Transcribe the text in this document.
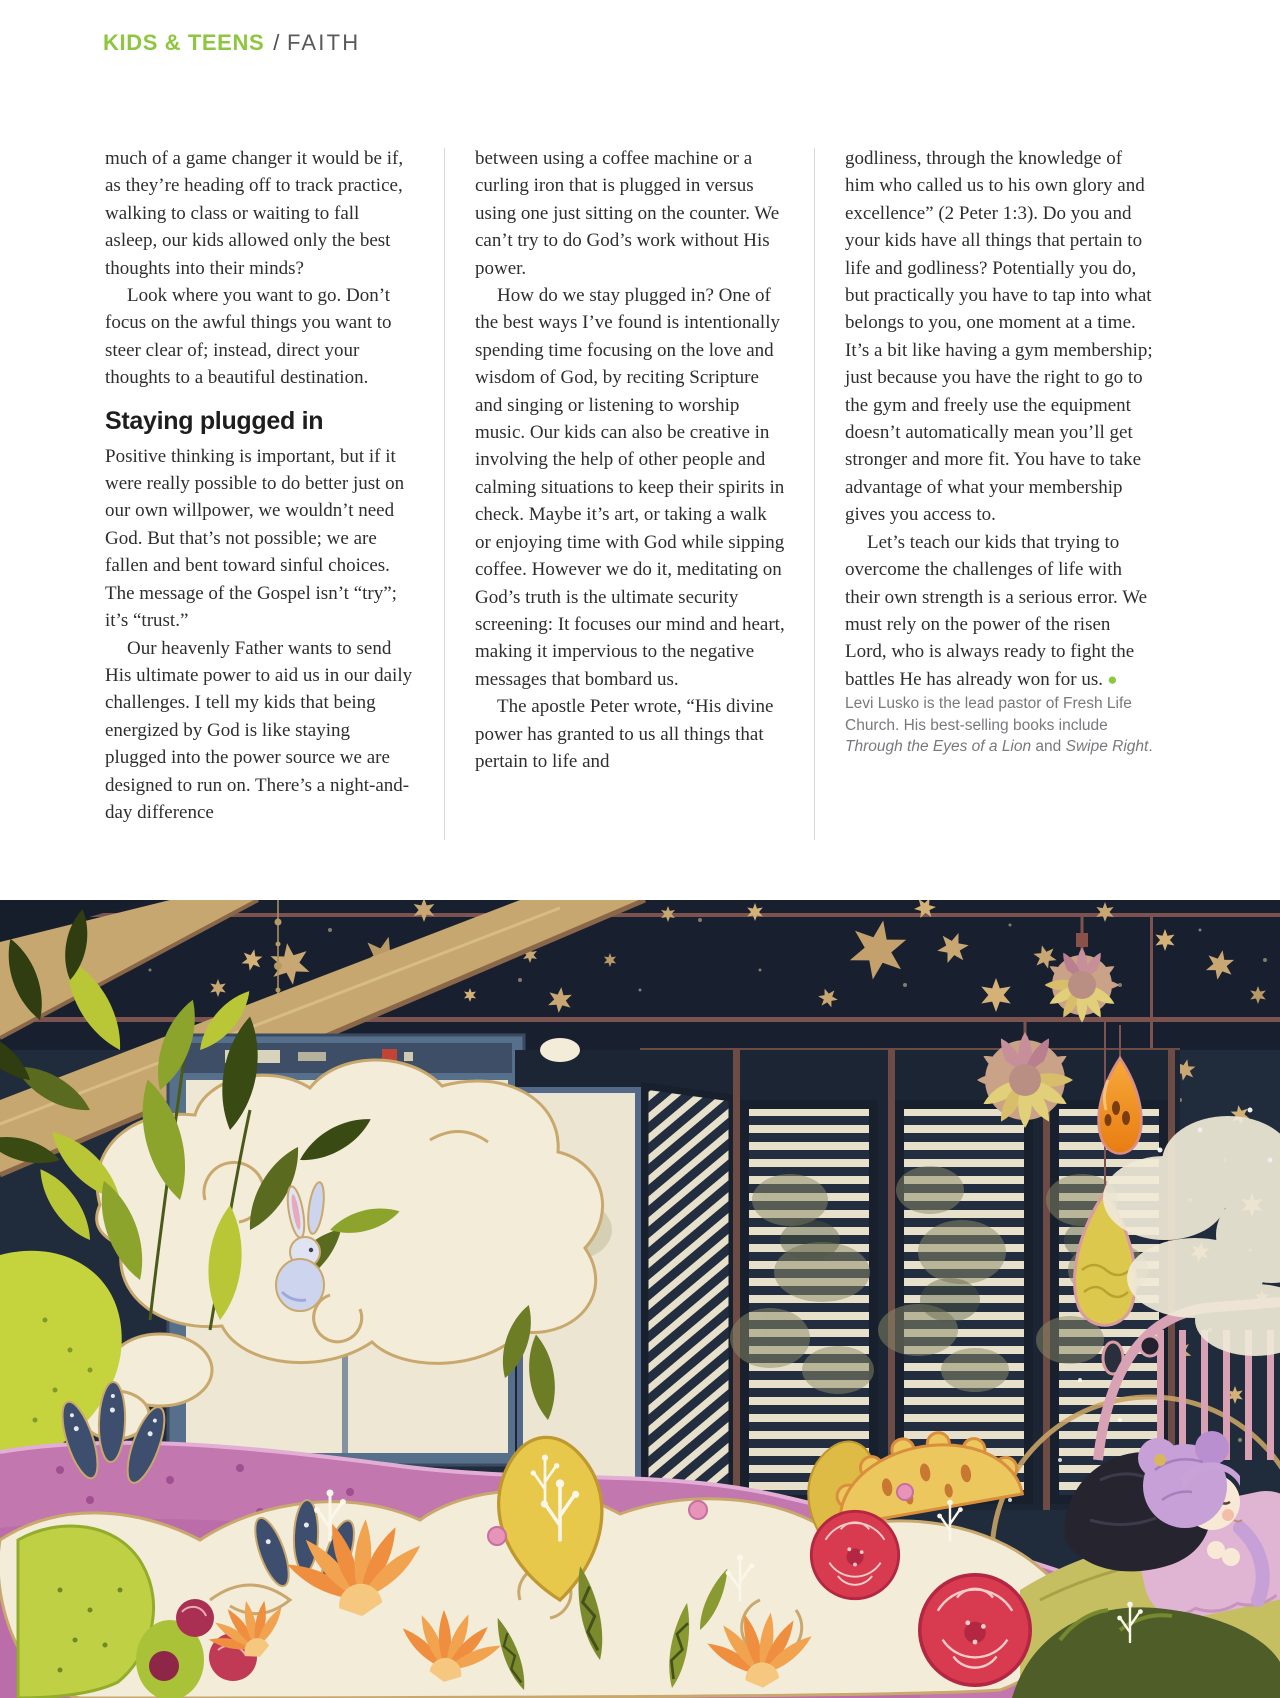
KIDS & TEENS / FAITH

much of a game changer it would be if, as they’re heading off to track practice, walking to class or waiting to fall asleep, our kids allowed only the best thoughts into their minds?

Look where you want to go. Don’t focus on the awful things you want to steer clear of; instead, direct your thoughts to a beautiful destination.

Staying plugged in

Positive thinking is important, but if it were really possible to do better just on our own willpower, we wouldn’t need God. But that’s not possible; we are fallen and bent toward sinful choices. The message of the Gospel isn’t “try”; it’s “trust.”

Our heavenly Father wants to send His ultimate power to aid us in our daily challenges. I tell my kids that being energized by God is like staying plugged into the power source we are designed to run on. There’s a night-and-day difference

between using a coffee machine or a curling iron that is plugged in versus using one just sitting on the counter. We can’t try to do God’s work without His power.

How do we stay plugged in? One of the best ways I’ve found is intentionally spending time focusing on the love and wisdom of God, by reciting Scripture and singing or listening to worship music. Our kids can also be creative in involving the help of other people and calming situations to keep their spirits in check. Maybe it’s art, or taking a walk or enjoying time with God while sipping coffee. However we do it, meditating on God’s truth is the ultimate security screening: It focuses our mind and heart, making it impervious to the negative messages that bombard us.

The apostle Peter wrote, “His divine power has granted to us all things that pertain to life and

godliness, through the knowledge of him who called us to his own glory and excellence” (2 Peter 1:3). Do you and your kids have all things that pertain to life and godliness? Potentially you do, but practically you have to tap into what belongs to you, one moment at a time. It’s a bit like having a gym membership; just because you have the right to go to the gym and freely use the equipment doesn’t automatically mean you’ll get stronger and more fit. You have to take advantage of what your membership gives you access to.

Let’s teach our kids that trying to overcome the challenges of life with their own strength is a serious error. We must rely on the power of the risen Lord, who is always ready to fight the battles He has already won for us. ●

Levi Lusko is the lead pastor of Fresh Life Church. His best-selling books include Through the Eyes of a Lion and Swipe Right.
